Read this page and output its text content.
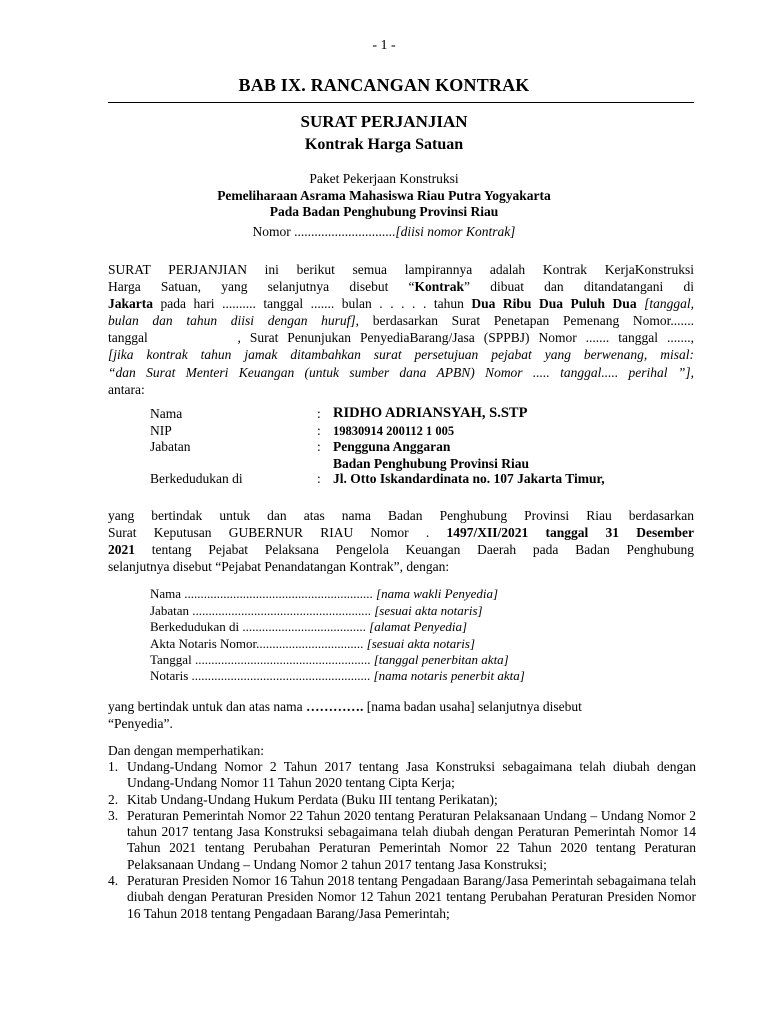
- 1 -
BAB IX. RANCANGAN KONTRAK
SURAT PERJANJIAN
Kontrak Harga Satuan
Paket Pekerjaan Konstruksi
Pemeliharaan Asrama Mahasiswa Riau Putra Yogyakarta
Pada Badan Penghubung Provinsi Riau
Nomor ..............................[diisi nomor Kontrak]
SURAT PERJANJIAN ini berikut semua lampirannya adalah Kontrak KerjaKonstruksi
Harga Satuan, yang selanjutnya disebut “Kontrak” dibuat dan ditandatangani di
Jakarta pada hari .......... tanggal ....... bulan . . . . . tahun Dua Ribu Dua Puluh Dua [tanggal,
bulan dan tahun diisi dengan huruf], berdasarkan Surat Penetapan Pemenang Nomor.......
tanggal          , Surat Penunjukan PenyediaBarang/Jasa (SPPBJ) Nomor ....... tanggal .......,
[jika kontrak tahun jamak ditambahkan surat persetujuan pejabat yang berwenang, misal:
“dan Surat Menteri Keuangan (untuk sumber dana APBN) Nomor ..... tanggal..... perihal ”],
antara:
Nama	: RIDHO ADRIANSYAH, S.STP
NIP	: 19830914 200112 1 005
Jabatan	: Pengguna Anggaran
Badan Penghubung Provinsi Riau
Berkedudukan di	: Jl. Otto Iskandardinata no. 107 Jakarta Timur,
yang bertindak untuk dan atas nama Badan Penghubung Provinsi Riau berdasarkan
Surat Keputusan GUBERNUR RIAU Nomor . 1497/XII/2021 tanggal 31 Desember
2021 tentang Pejabat Pelaksana Pengelola Keuangan Daerah pada Badan Penghubung
selanjutnya disebut “Pejabat Penandatangan Kontrak”, dengan:
Nama .......................................................... [nama wakli Penyedia]
Jabatan ....................................................... [sesuai akta notaris]
Berkedudukan di ...................................... [alamat Penyedia]
Akta Notaris Nomor................................. [sesuai akta notaris]
Tanggal ...................................................... [tanggal penerbitan akta]
Notaris ....................................................... [nama notaris penerbit akta]
yang bertindak untuk dan atas nama …………. [nama badan usaha] selanjutnya disebut
“Penyedia”.
Dan dengan memperhatikan:
1. Undang-Undang Nomor 2 Tahun 2017 tentang Jasa Konstruksi sebagaimana telah diubah dengan Undang-Undang Nomor 11 Tahun 2020 tentang Cipta Kerja;
2. Kitab Undang-Undang Hukum Perdata (Buku III tentang Perikatan);
3. Peraturan Pemerintah Nomor 22 Tahun 2020 tentang Peraturan Pelaksanaan Undang – Undang Nomor 2 tahun 2017 tentang Jasa Konstruksi sebagaimana telah diubah dengan Peraturan Pemerintah Nomor 14 Tahun 2021 tentang Perubahan Peraturan Pemerintah Nomor 22 Tahun 2020 tentang Peraturan Pelaksanaan Undang – Undang Nomor 2 tahun 2017 tentang Jasa Konstruksi;
4. Peraturan Presiden Nomor 16 Tahun 2018 tentang Pengadaan Barang/Jasa Pemerintah sebagaimana telah diubah dengan Peraturan Presiden Nomor 12 Tahun 2021 tentang Perubahan Peraturan Presiden Nomor 16 Tahun 2018 tentang Pengadaan Barang/Jasa Pemerintah;
